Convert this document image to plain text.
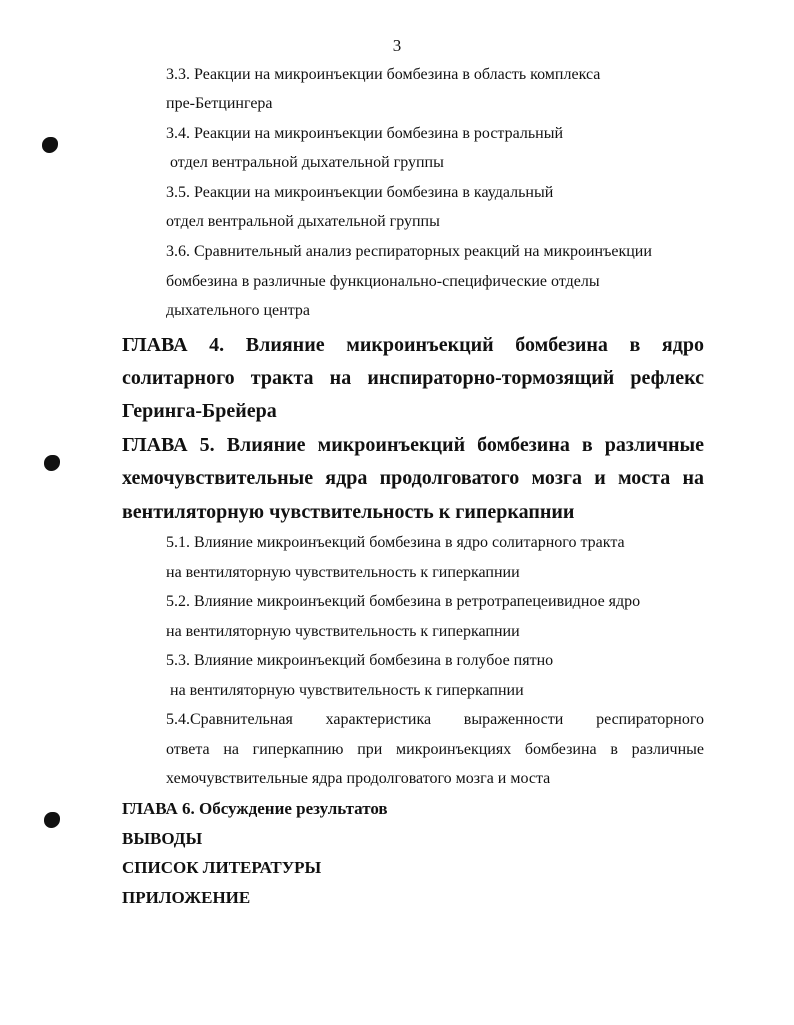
3
3.3. Реакции на микроинъекции бомбезина в область комплекса
пре-Бетцингера
3.4. Реакции на микроинъекции бомбезина в ростральный
отдел вентральной дыхательной группы
3.5. Реакции на микроинъекции бомбезина в каудальный
отдел вентральной дыхательной группы
3.6. Сравнительный анализ респираторных реакций на микроинъекции
бомбезина в различные функционально-специфические отделы
дыхательного центра
ГЛАВА 4. Влияние микроинъекций бомбезина в ядро
солитарного тракта на инспираторно-тормозящий рефлекс
Геринга-Брейера
ГЛАВА 5. Влияние микроинъекций бомбезина в различные
хемочувствительные ядра продолговатого мозга и моста на
вентиляторную чувствительность к гиперкапнии
5.1. Влияние микроинъекций бомбезина в ядро солитарного тракта
на вентиляторную чувствительность к гиперкапнии
5.2. Влияние микроинъекций бомбезина в ретротрапецеивидное ядро
на вентиляторную чувствительность к гиперкапнии
5.3. Влияние микроинъекций бомбезина в голубое пятно
на вентиляторную чувствительность к гиперкапнии
5.4.Сравнительная характеристика выраженности респираторного
ответа на гиперкапнию при микроинъекциях бомбезина в различные
хемочувствительные ядра продолговатого мозга и моста
ГЛАВА 6. Обсуждение результатов
ВЫВОДЫ
СПИСОК ЛИТЕРАТУРЫ
ПРИЛОЖЕНИЕ
